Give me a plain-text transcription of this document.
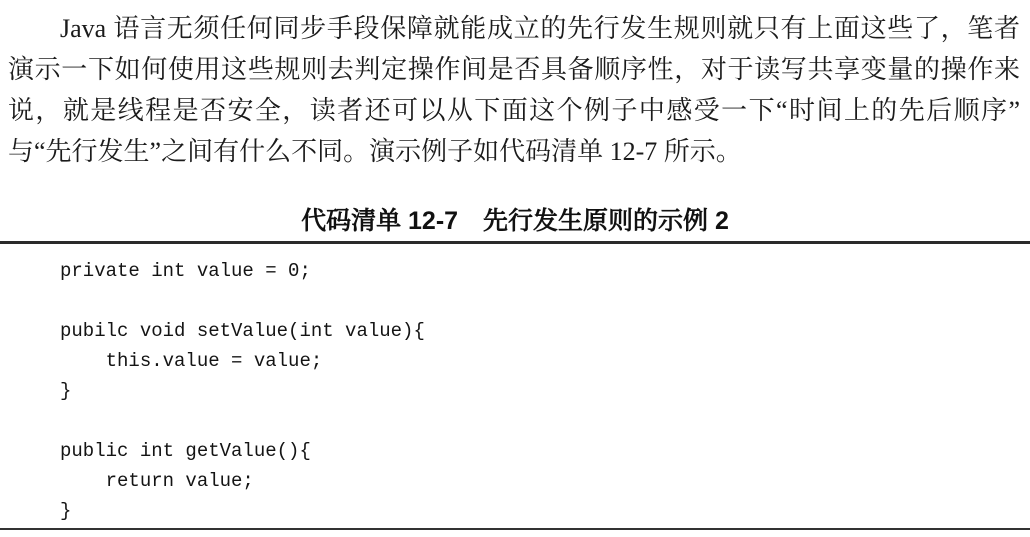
Java 语言无须任何同步手段保障就能成立的先行发生规则就只有上面这些了，笔者
演示一下如何使用这些规则去判定操作间是否具备顺序性，对于读写共享变量的操作来
说，就是线程是否安全，读者还可以从下面这个例子中感受一下“时间上的先后顺序”
与“先行发生”之间有什么不同。演示例子如代码清单 12-7 所示。
代码清单 12-7　先行发生原则的示例 2
private int value = 0;
pubilc void setValue(int value){
this.value = value;
}
public int getValue(){
return value;
}
